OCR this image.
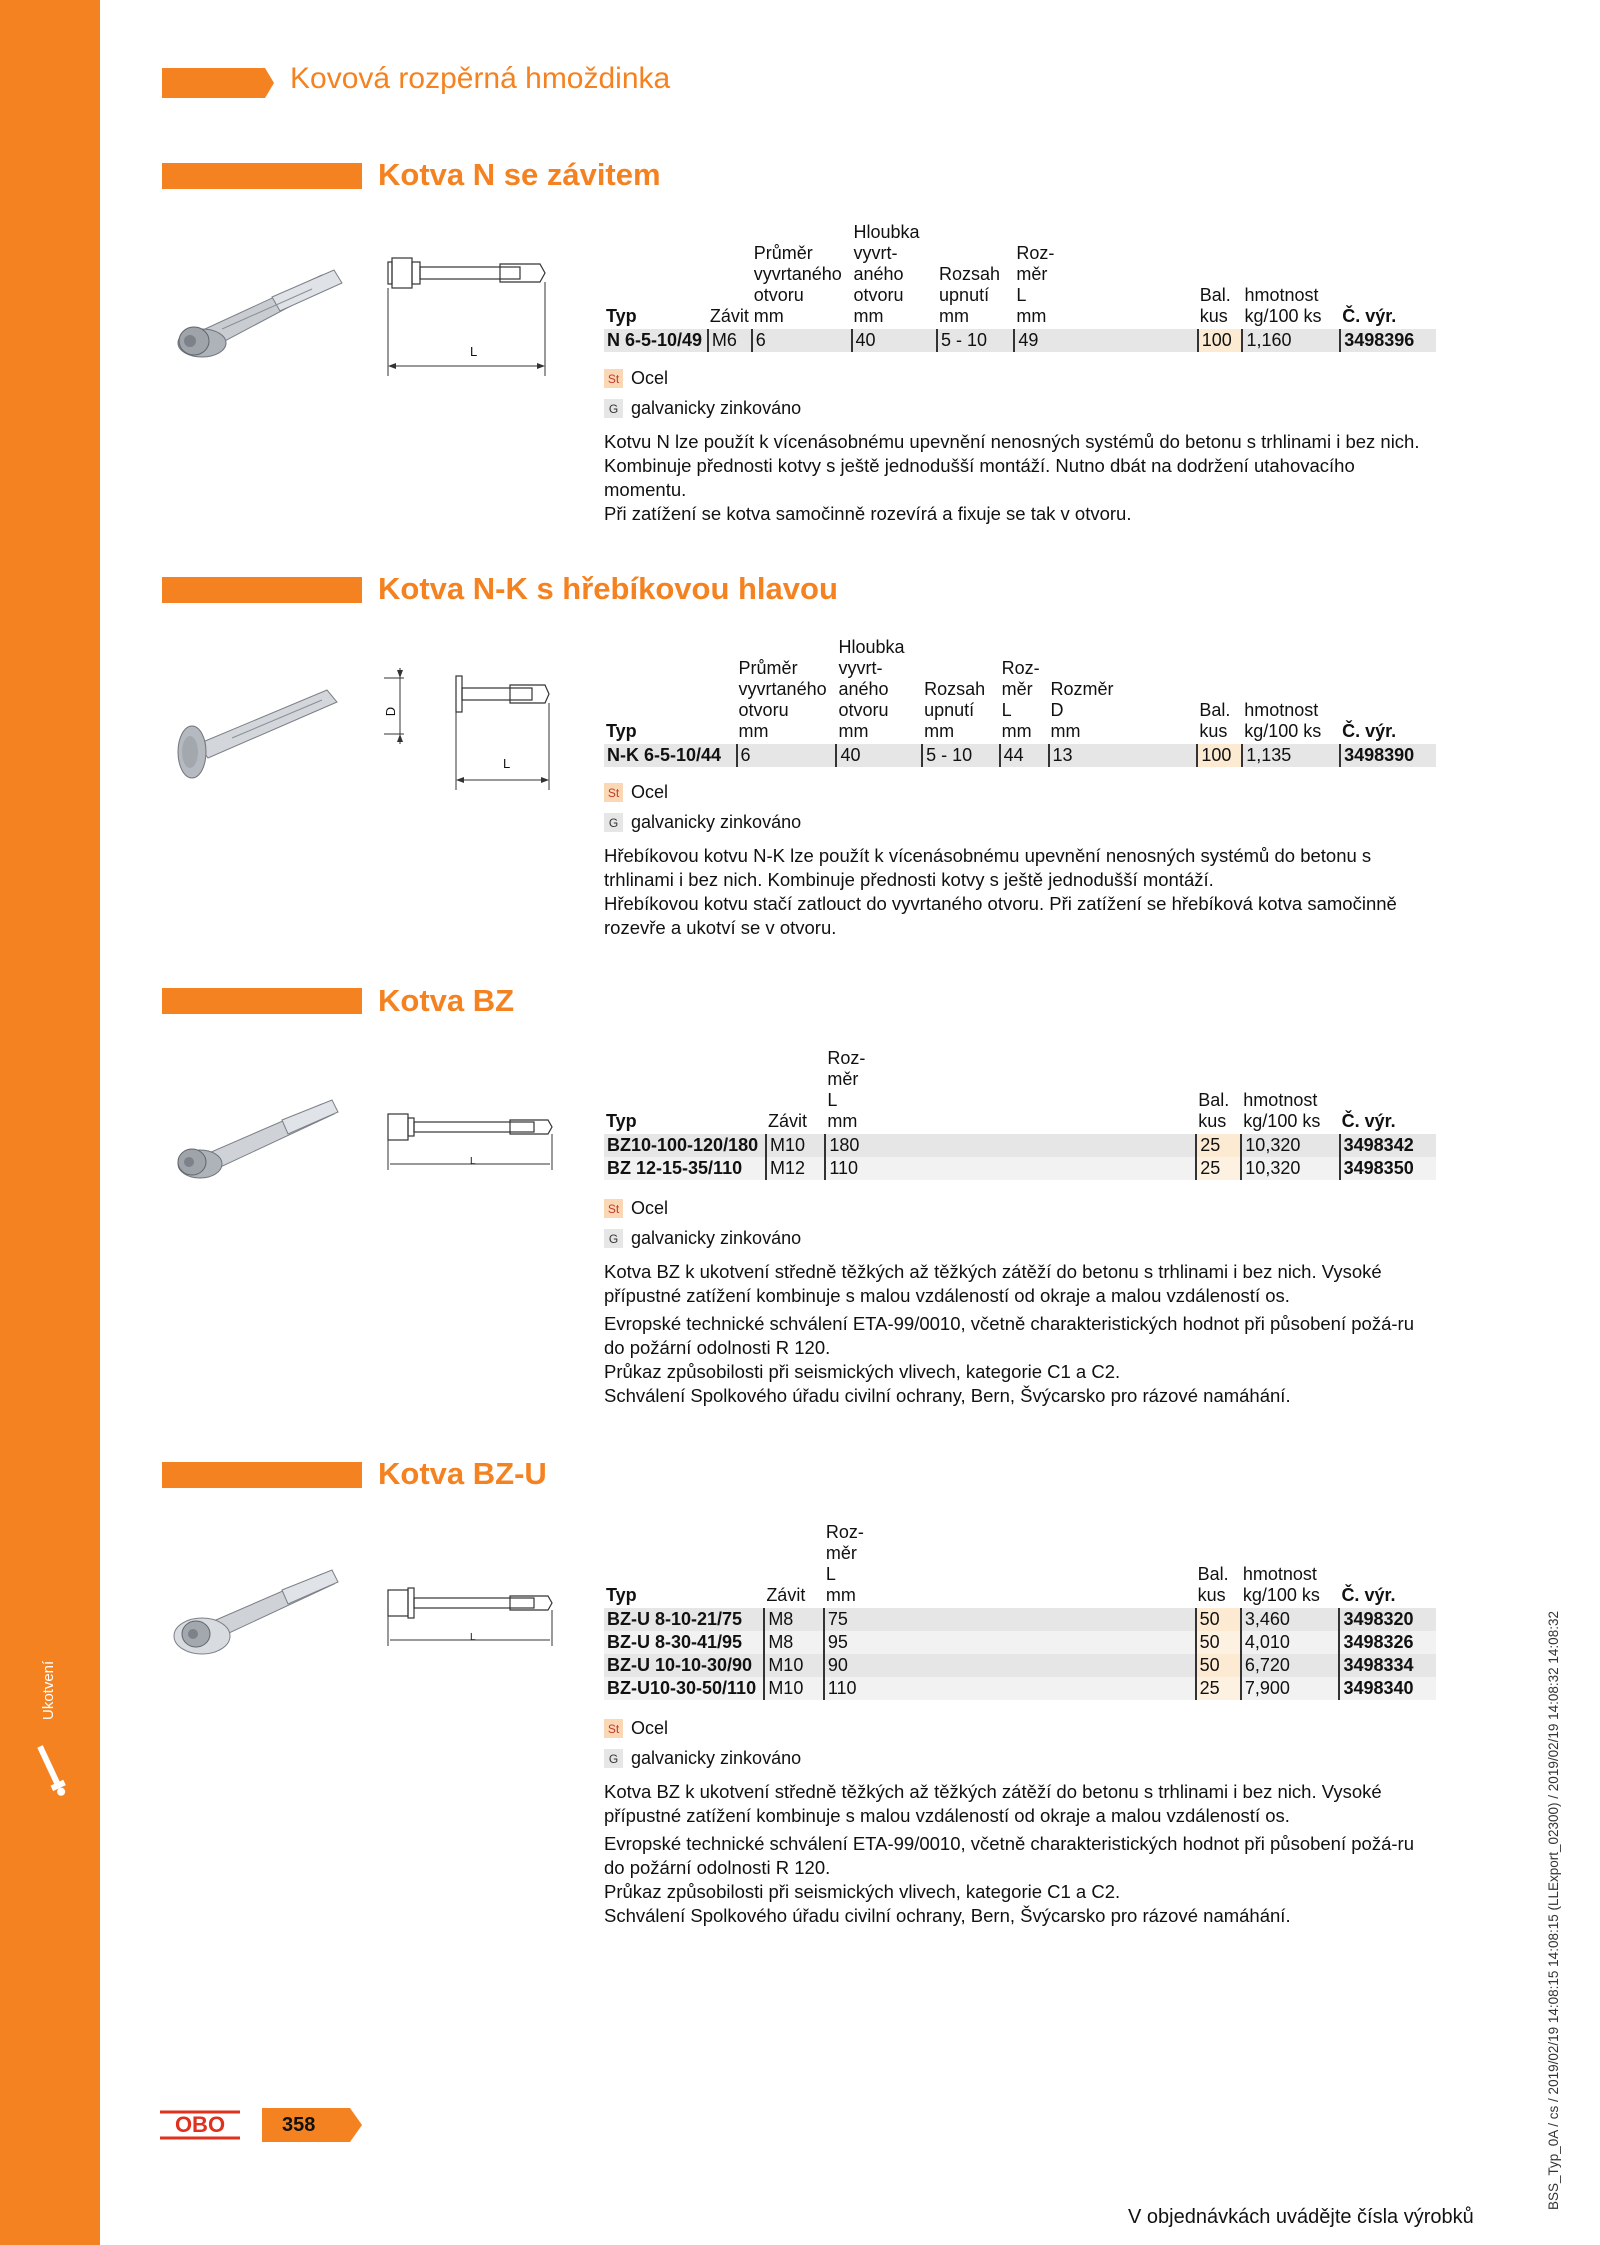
Ukotvení
Kovová rozpěrná hmoždinka
Kotva N se závitem
L
Typ	Závit	Průměr
vyvrtaného
otvoru
mm	Hloubka
vyvrt-
aného
otvoru
mm	Rozsah
upnutí
mm	Roz-
měr
L
mm	Bal.
kus	hmotnost
kg/100 ks	Č. výr.
N 6-5-10/49	M6	6	40	5 - 10	49	100	1,160	3498396
St Ocel
G galvanicky zinkováno

Kotvu N lze použít k vícenásobnému upevnění nenosných systémů do betonu s trhlinami i bez nich. Kombinuje přednosti kotvy s ještě jednodušší montáží. Nutno dbát na dodržení utahovacího momentu.

Při zatížení se kotva samočinně rozevírá a fixuje se tak v otvoru.

Kotva N-K s hřebíkovou hlavou
D
L
Typ	Průměr
vyvrtaného
otvoru
mm	Hloubka
vyvrt-
aného
otvoru
mm	Rozsah
upnutí
mm	Roz-
měr
L
mm	Rozměr
D
mm	Bal.
kus	hmotnost
kg/100 ks	Č. výr.
N-K 6-5-10/44	6	40	5 - 10	44	13	100	1,135	3498390
St Ocel
G galvanicky zinkováno

Hřebíkovou kotvu N-K lze použít k vícenásobnému upevnění nenosných systémů do betonu s trhlinami i bez nich. Kombinuje přednosti kotvy s ještě jednodušší montáží.

Hřebíkovou kotvu stačí zatlouct do vyvrtaného otvoru. Při zatížení se hřebíková kotva samočinně rozevře a ukotví se v otvoru.

Kotva BZ
L
Typ	Závit	Roz-
měr
L
mm	Bal.
kus	hmotnost
kg/100 ks	Č. výr.
BZ10-100-120/180	M10	180	25	10,320	3498342
BZ 12-15-35/110	M12	110	25	10,320	3498350
St Ocel
G galvanicky zinkováno

Kotva BZ k ukotvení středně těžkých až těžkých zátěží do betonu s trhlinami i bez nich. Vysoké přípustné zatížení kombinuje s malou vzdáleností od okraje a malou vzdáleností os.

Evropské technické schválení ETA-99/0010, včetně charakteristických hodnot při působení požá-ru do požární odolnosti R 120.

Průkaz způsobilosti při seismických vlivech, kategorie C1 a C2.

Schválení Spolkového úřadu civilní ochrany, Bern, Švýcarsko pro rázové namáhání.

Kotva BZ-U
L
Typ	Závit	Roz-
měr
L
mm	Bal.
kus	hmotnost
kg/100 ks	Č. výr.
BZ-U 8-10-21/75	M8	75	50	3,460	3498320
BZ-U 8-30-41/95	M8	95	50	4,010	3498326
BZ-U 10-10-30/90	M10	90	50	6,720	3498334
BZ-U10-30-50/110	M10	110	25	7,900	3498340
St Ocel
G galvanicky zinkováno

Kotva BZ k ukotvení středně těžkých až těžkých zátěží do betonu s trhlinami i bez nich. Vysoké přípustné zatížení kombinuje s malou vzdáleností od okraje a malou vzdáleností os.

Evropské technické schválení ETA-99/0010, včetně charakteristických hodnot při působení požá-ru do požární odolnosti R 120.

Průkaz způsobilosti při seismických vlivech, kategorie C1 a C2.

Schválení Spolkového úřadu civilní ochrany, Bern, Švýcarsko pro rázové namáhání.

OBO	358
V objednávkách uvádějte čísla výrobků
BSS_Typ_0A / cs / 2019/02/19 14:08:15 14:08:15 (LLExport_02300) / 2019/02/19 14:08:32 14:08:32
